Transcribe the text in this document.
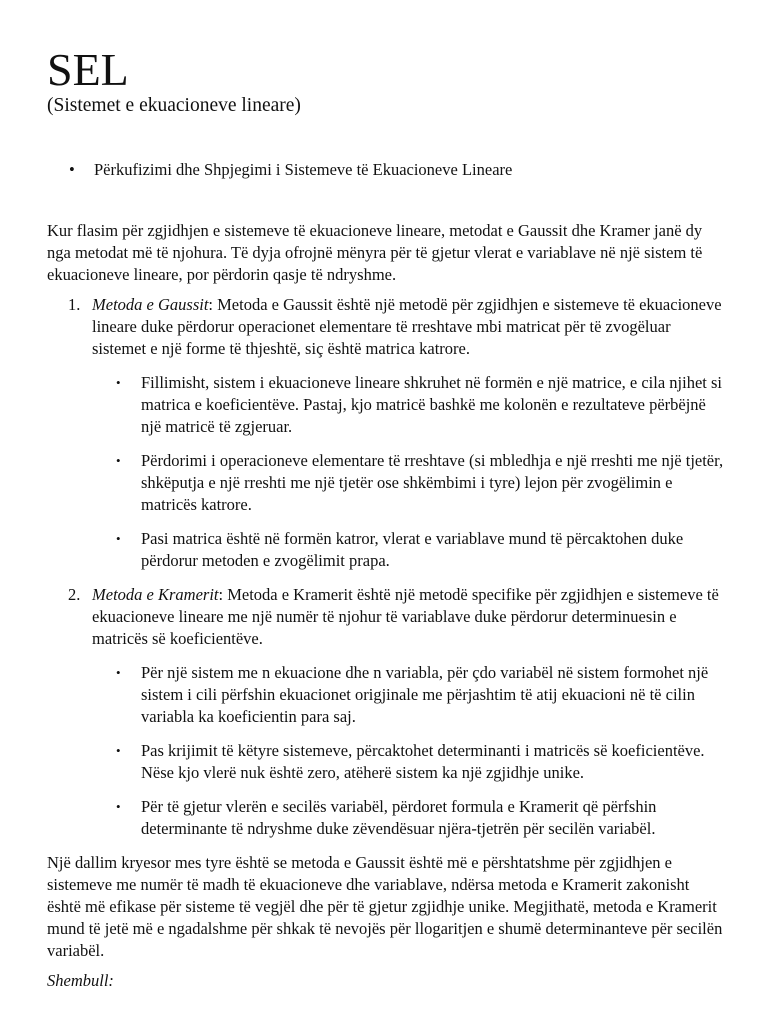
SEL

(Sistemet e ekuacioneve lineare)

• Përkufizimi dhe Shpjegimi i Sistemeve të Ekuacioneve Lineare

Kur flasim për zgjidhjen e sistemeve të ekuacioneve lineare, metodat e Gaussit dhe Kramer janë dy nga metodat më të njohura. Të dyja ofrojnë mënyra për të gjetur vlerat e variablave në një sistem të ekuacioneve lineare, por përdorin qasje të ndryshme.

1. Metoda e Gaussit: Metoda e Gaussit është një metodë për zgjidhjen e sistemeve të ekuacioneve lineare duke përdorur operacionet elementare të rreshtave mbi matricat për të zvogëluar sistemet e një forme të thjeshtë, siç është matrica katrore.
• Fillimisht, sistem i ekuacioneve lineare shkruhet në formën e një matrice, e cila njihet si matrica e koeficientëve. Pastaj, kjo matricë bashkë me kolonën e rezultateve përbëjnë një matricë të zgjeruar.
• Përdorimi i operacioneve elementare të rreshtave (si mbledhja e një rreshti me një tjetër, shkëputja e një rreshti me një tjetër ose shkëmbimi i tyre) lejon për zvogëlimin e matricës katrore.
• Pasi matrica është në formën katror, vlerat e variablave mund të përcaktohen duke përdorur metoden e zvogëlimit prapa.
2. Metoda e Kramerit: Metoda e Kramerit është një metodë specifike për zgjidhjen e sistemeve të ekuacioneve lineare me një numër të njohur të variablave duke përdorur determinuesin e matricës së koeficientëve.
• Për një sistem me n ekuacione dhe n variabla, për çdo variabël në sistem formohet një sistem i cili përfshin ekuacionet origjinale me përjashtim të atij ekuacioni në të cilin variabla ka koeficientin para saj.
• Pas krijimit të këtyre sistemeve, përcaktohet determinanti i matricës së koeficientëve. Nëse kjo vlerë nuk është zero, atëherë sistem ka një zgjidhje unike.
• Për të gjetur vlerën e secilës variabël, përdoret formula e Kramerit që përfshin determinante të ndryshme duke zëvendësuar njëra-tjetrën për secilën variabël.

Një dallim kryesor mes tyre është se metoda e Gaussit është më e përshtatshme për zgjidhjen e sistemeve me numër të madh të ekuacioneve dhe variablave, ndërsa metoda e Kramerit zakonisht është më efikase për sisteme të vegjël dhe për të gjetur zgjidhje unike. Megjithatë, metoda e Kramerit mund të jetë më e ngadalshme për shkak të nevojës për llogaritjen e shumë determinanteve për secilën variabël.

Shembull:
